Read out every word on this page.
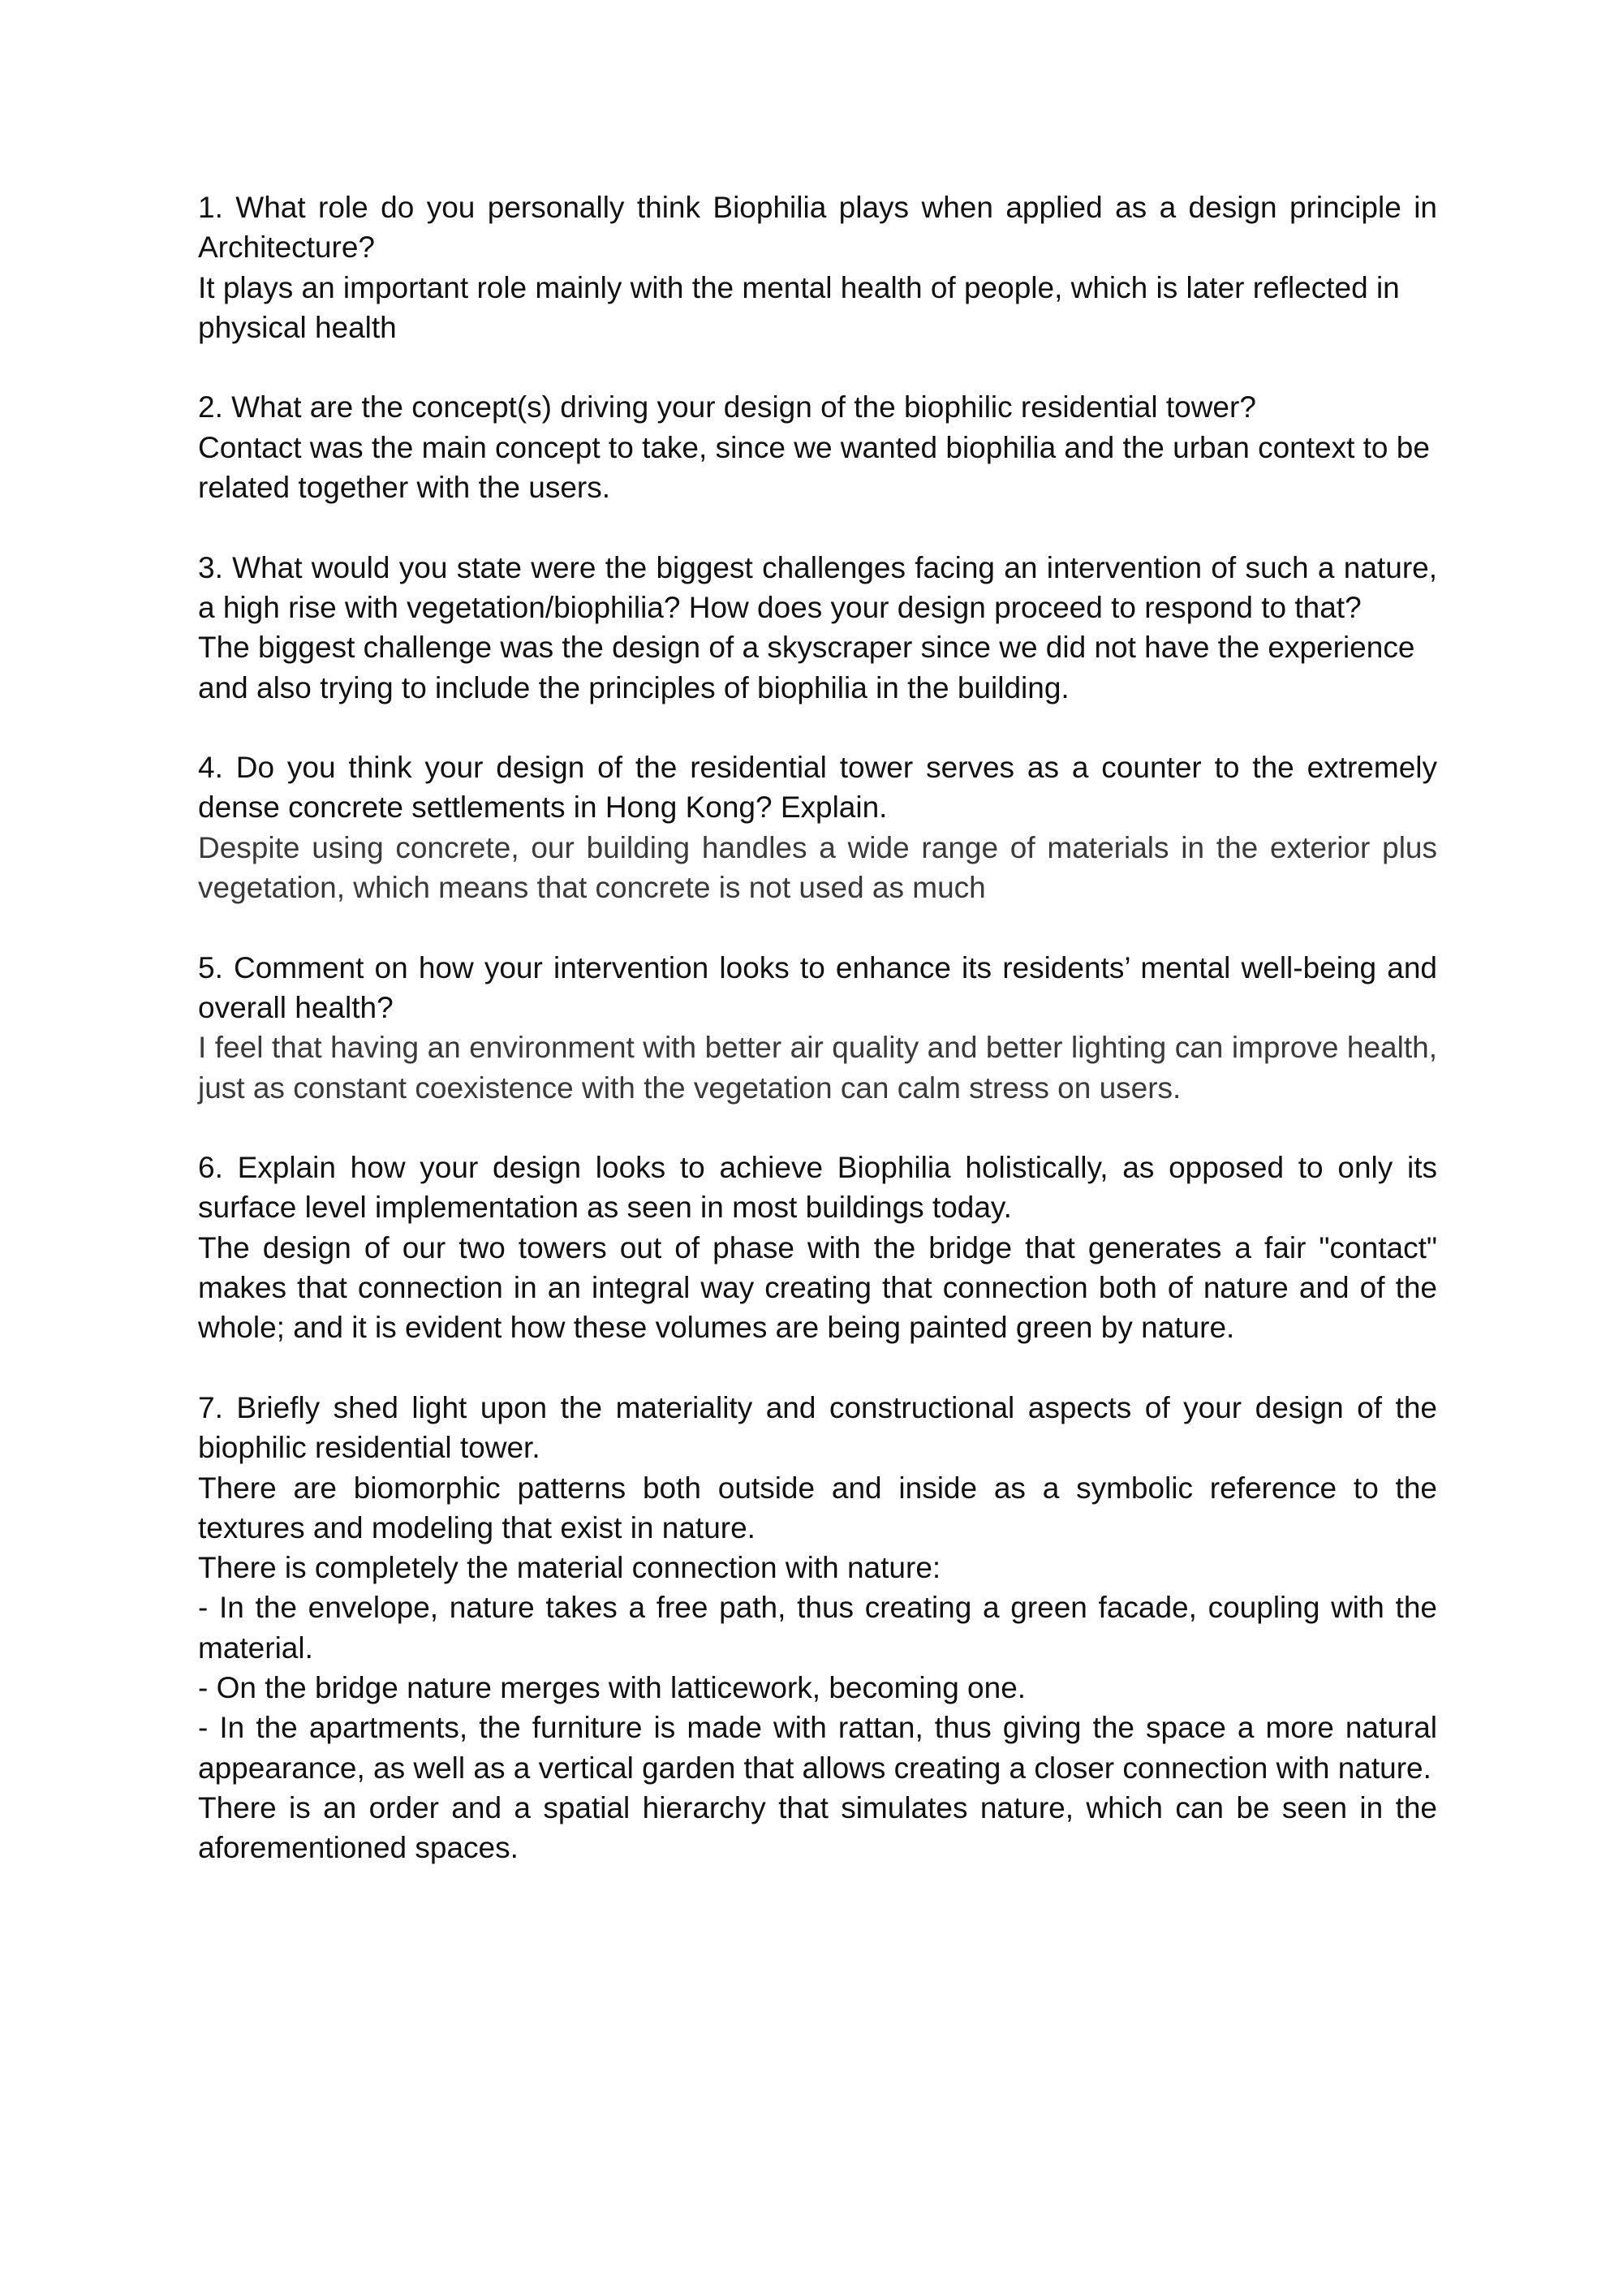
1. What role do you personally think Biophilia plays when applied as a design principle in Architecture?

It plays an important role mainly with the mental health of people, which is later reflected in physical health

2. What are the concept(s) driving your design of the biophilic residential tower?

Contact was the main concept to take, since we wanted biophilia and the urban context to be related together with the users.

3. What would you state were the biggest challenges facing an intervention of such a nature, a high rise with vegetation/biophilia? How does your design proceed to respond to that?

The biggest challenge was the design of a skyscraper since we did not have the experience and also trying to include the principles of biophilia in the building.

4. Do you think your design of the residential tower serves as a counter to the extremely dense concrete settlements in Hong Kong? Explain.

Despite using concrete, our building handles a wide range of materials in the exterior plus vegetation, which means that concrete is not used as much

5. Comment on how your intervention looks to enhance its residents’ mental well-being and overall health?

I feel that having an environment with better air quality and better lighting can improve health, just as constant coexistence with the vegetation can calm stress on users.

6. Explain how your design looks to achieve Biophilia holistically, as opposed to only its surface level implementation as seen in most buildings today.

The design of our two towers out of phase with the bridge that generates a fair "contact" makes that connection in an integral way creating that connection both of nature and of the whole; and it is evident how these volumes are being painted green by nature.

7. Briefly shed light upon the materiality and constructional aspects of your design of the biophilic residential tower.

There are biomorphic patterns both outside and inside as a symbolic reference to the textures and modeling that exist in nature.

There is completely the material connection with nature:

- In the envelope, nature takes a free path, thus creating a green facade, coupling with the material.

- On the bridge nature merges with latticework, becoming one.

- In the apartments, the furniture is made with rattan, thus giving the space a more natural appearance, as well as a vertical garden that allows creating a closer connection with nature.

There is an order and a spatial hierarchy that simulates nature, which can be seen in the aforementioned spaces.
